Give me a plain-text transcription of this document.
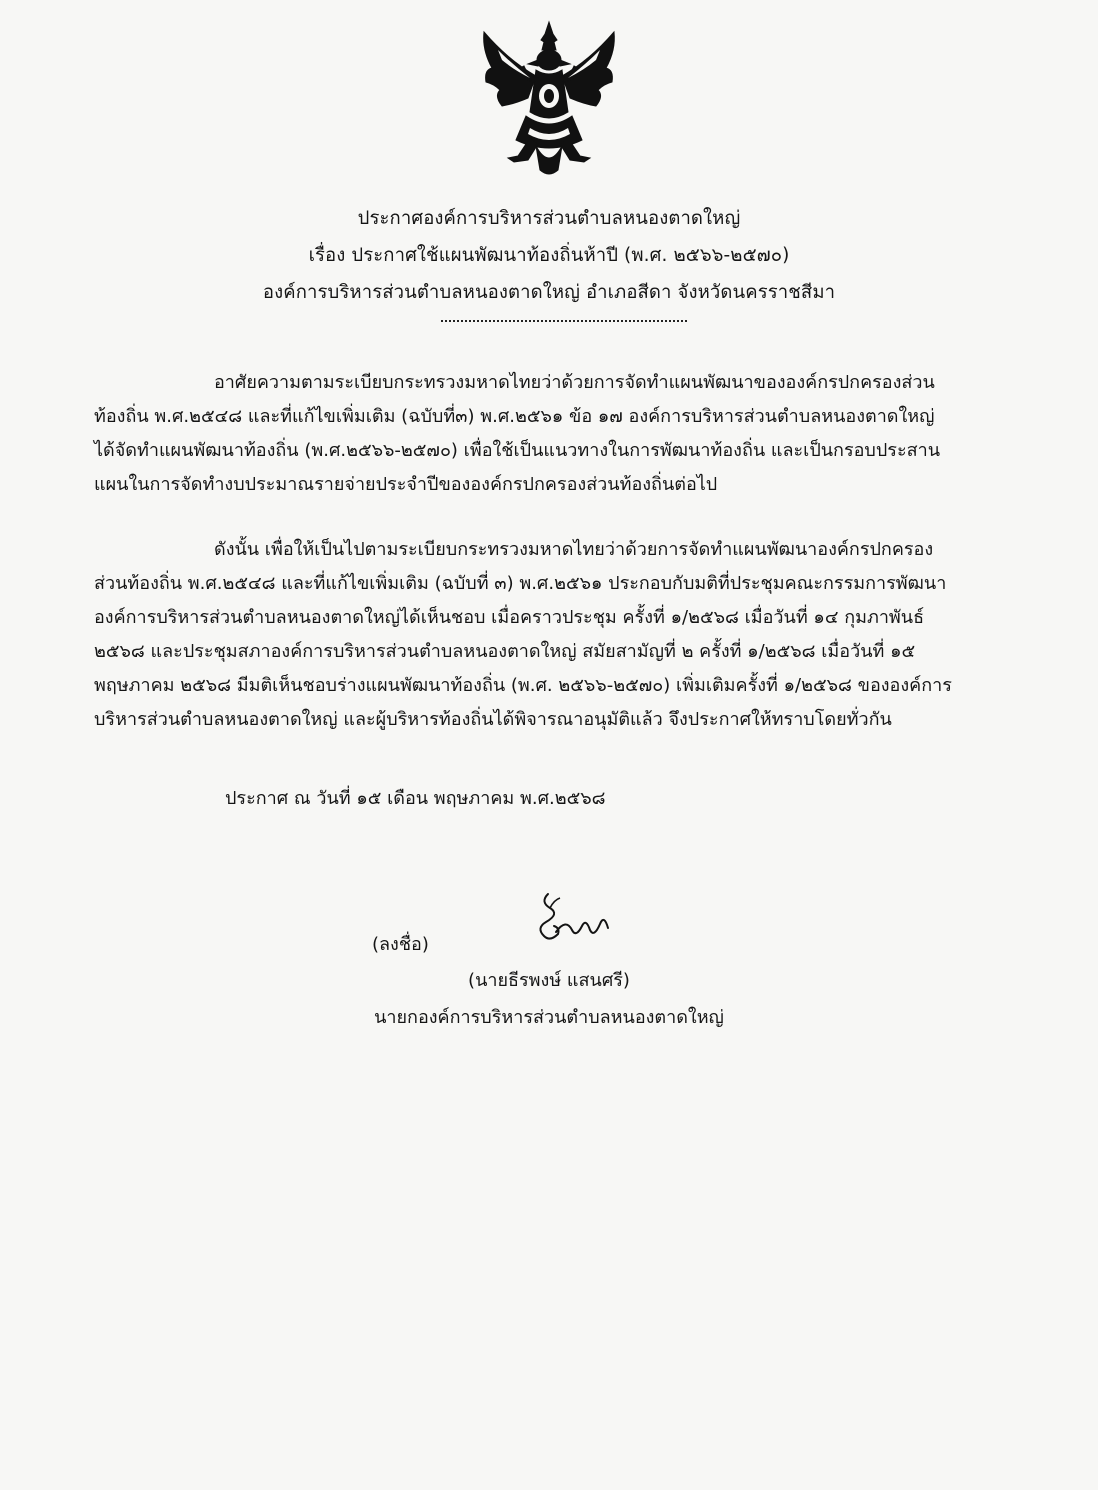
ประกาศองค์การบริหารส่วนตำบลหนองตาดใหญ่
เรื่อง ประกาศใช้แผนพัฒนาท้องถิ่นห้าปี (พ.ศ. ๒๕๖๖-๒๕๗๐)
องค์การบริหารส่วนตำบลหนองตาดใหญ่ อำเภอสีดา จังหวัดนครราชสีมา
อาศัยความตามระเบียบกระทรวงมหาดไทยว่าด้วยการจัดทำแผนพัฒนาขององค์กรปกครองส่วน
ท้องถิ่น พ.ศ.๒๕๔๘ และที่แก้ไขเพิ่มเติม (ฉบับที่๓) พ.ศ.๒๕๖๑ ข้อ ๑๗ องค์การบริหารส่วนตำบลหนองตาดใหญ่
ได้จัดทำแผนพัฒนาท้องถิ่น (พ.ศ.๒๕๖๖-๒๕๗๐) เพื่อใช้เป็นแนวทางในการพัฒนาท้องถิ่น และเป็นกรอบประสาน
แผนในการจัดทำงบประมาณรายจ่ายประจำปีขององค์กรปกครองส่วนท้องถิ่นต่อไป
ดังนั้น เพื่อให้เป็นไปตามระเบียบกระทรวงมหาดไทยว่าด้วยการจัดทำแผนพัฒนาองค์กรปกครอง
ส่วนท้องถิ่น พ.ศ.๒๕๔๘ และที่แก้ไขเพิ่มเติม (ฉบับที่ ๓) พ.ศ.๒๕๖๑ ประกอบกับมติที่ประชุมคณะกรรมการพัฒนา
องค์การบริหารส่วนตำบลหนองตาดใหญ่ได้เห็นชอบ เมื่อคราวประชุม ครั้งที่ ๑/๒๕๖๘ เมื่อวันที่ ๑๔ กุมภาพันธ์
๒๕๖๘ และประชุมสภาองค์การบริหารส่วนตำบลหนองตาดใหญ่ สมัยสามัญที่ ๒ ครั้งที่ ๑/๒๕๖๘ เมื่อวันที่ ๑๕
พฤษภาคม ๒๕๖๘ มีมติเห็นชอบร่างแผนพัฒนาท้องถิ่น (พ.ศ. ๒๕๖๖-๒๕๗๐) เพิ่มเติมครั้งที่ ๑/๒๕๖๘ ขององค์การ
บริหารส่วนตำบลหนองตาดใหญ่ และผู้บริหารท้องถิ่นได้พิจารณาอนุมัติแล้ว จึงประกาศให้ทราบโดยทั่วกัน
ประกาศ ณ วันที่ ๑๕ เดือน พฤษภาคม พ.ศ.๒๕๖๘
(ลงชื่อ)
(นายธีรพงษ์ แสนศรี)
นายกองค์การบริหารส่วนตำบลหนองตาดใหญ่
